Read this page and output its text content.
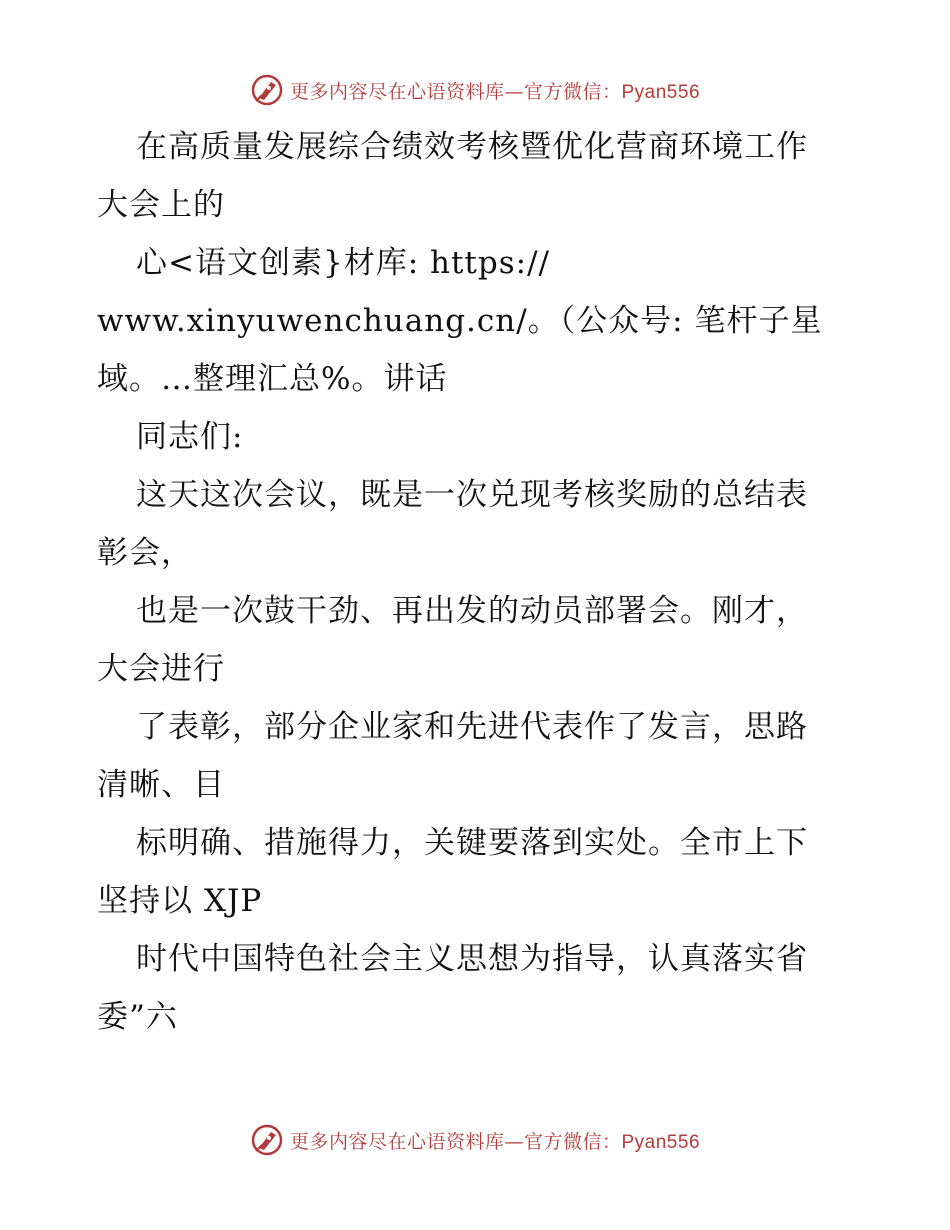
更多内容尽在心语资料库—官方微信：Pyan556
在高质量发展综合绩效考核暨优化营商环境工作
大会上的
心<语文创素}材库: https://
www.xinyuwenchuang.cn/。（公众号: 笔杆子星
域。…整理汇总%。讲话
同志们:
这天这次会议，既是一次兑现考核奖励的总结表
彰会，
也是一次鼓干劲、再出发的动员部署会。刚才，
大会进行
了表彰，部分企业家和先进代表作了发言，思路
清晰、目
标明确、措施得力，关键要落到实处。全市上下
坚持以 XJP
时代中国特色社会主义思想为指导，认真落实省
委”六
更多内容尽在心语资料库—官方微信：Pyan556
